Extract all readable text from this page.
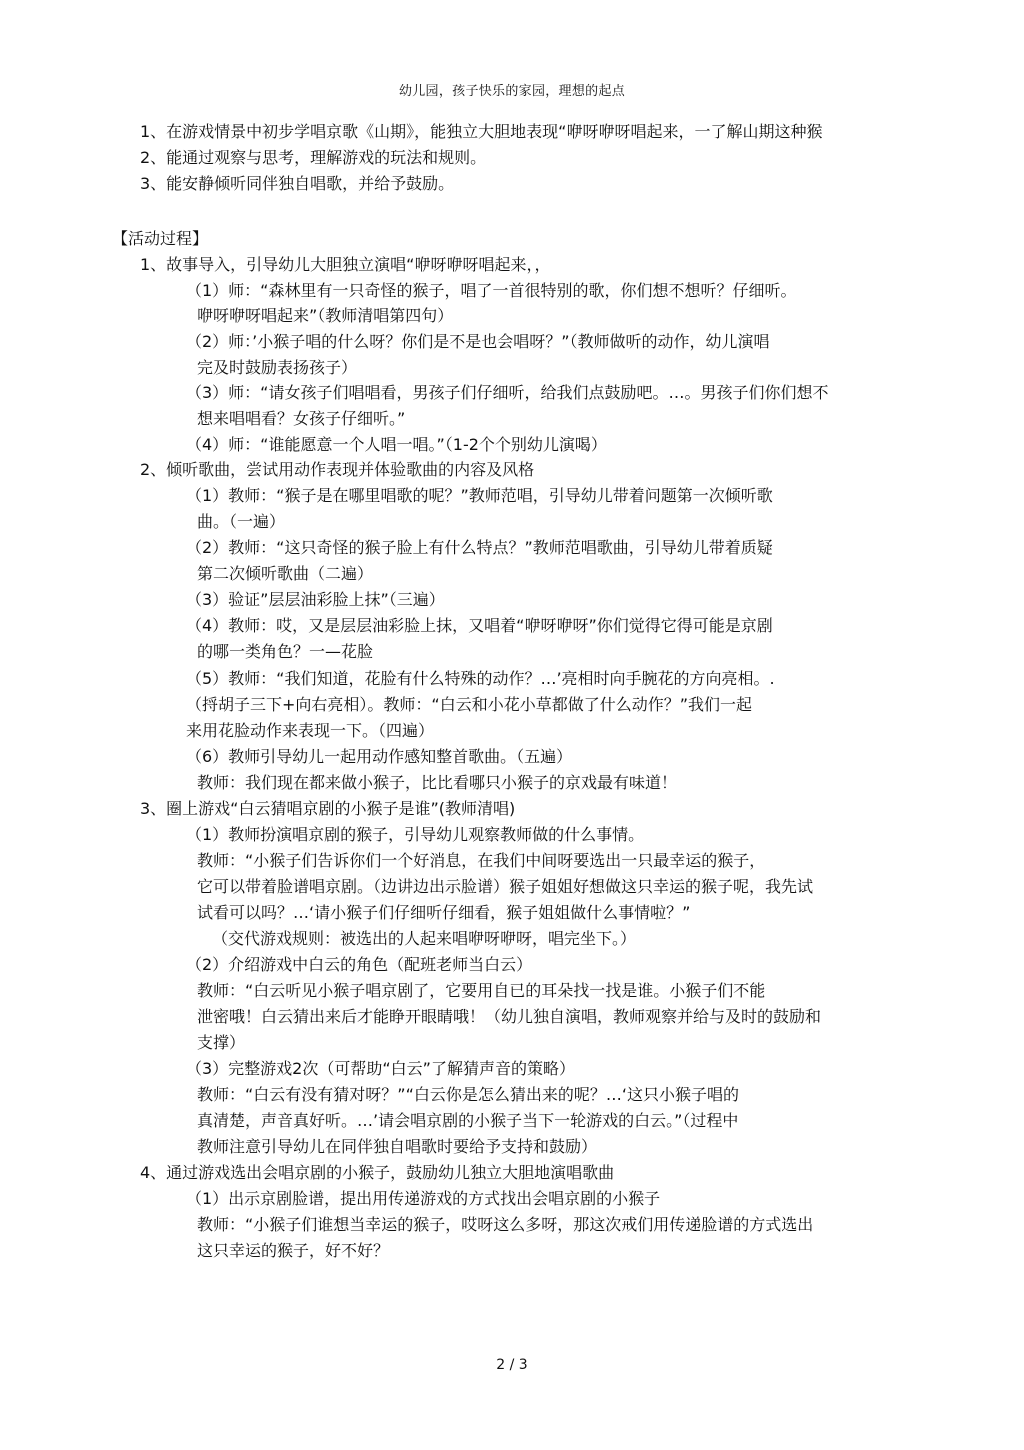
幼儿园，孩子快乐的家园，理想的起点
1、在游戏情景中初步学唱京歌《山期》，能独立大胆地表现“咿呀咿呀唱起来，一了解山期这种猴
2、能通过观察与思考，理解游戏的玩法和规则。
3、能安静倾听同伴独自唱歌，并给予鼓励。
【活动过程】
1、故事导入，引导幼儿大胆独立演唱“咿呀咿呀唱起来，，
（1）师：“森林里有一只奇怪的猴子，唱了一首很特别的歌，你们想不想听？仔细听。
咿呀咿呀唱起来”（教师清唱第四句）
（2）师：’小猴子唱的什么呀？你们是不是也会唱呀？”（教师做听的动作，幼儿演唱
完及时鼓励表扬孩子）
（3）师：“请女孩子们唱唱看，男孩子们仔细听，给我们点鼓励吧。…。男孩子们你们想不
想来唱唱看？女孩子仔细听。”
（4）师：“谁能愿意一个人唱一唱。”（1-2个个别幼儿演喝）
2、倾听歌曲，尝试用动作表现并体验歌曲的内容及风格
（1）教师：“猴子是在哪里唱歌的呢？”教师范唱，引导幼儿带着问题第一次倾听歌
曲。（一遍）
（2）教师：“这只奇怪的猴子脸上有什么特点？”教师范唱歌曲，引导幼儿带着质疑
第二次倾听歌曲（二遍）
（3）验证”层层油彩脸上抹”（三遍）
（4）教师：哎，又是层层油彩脸上抹，又唱着“咿呀咿呀”你们觉得它得可能是京剧
的哪一类角色？一—花脸
（5）教师：“我们知道，花脸有什么特殊的动作？…’亮相时向手腕花的方向亮相。.
（捋胡子三下+向右亮相）。教师：“白云和小花小草都做了什么动作？”我们一起
来用花脸动作来表现一下。（四遍）
（6）教师引导幼儿一起用动作感知整首歌曲。（五遍）
教师：我们现在都来做小猴子，比比看哪只小猴子的京戏最有味道！
3、圈上游戏“白云猜唱京剧的小猴子是谁”(教师清唱)
（1）教师扮演唱京剧的猴子，引导幼儿观察教师做的什么事情。
教师：“小猴子们告诉你们一个好消息，在我们中间呀要选出一只最幸运的猴子，
它可以带着脸谱唱京剧。（边讲边出示脸谱）猴子姐姐好想做这只幸运的猴子呢，我先试
试看可以吗？…‘请小猴子们仔细听仔细看，猴子姐姐做什么事情啦？”
（交代游戏规则：被选出的人起来唱咿呀咿呀，唱完坐下。）
（2）介绍游戏中白云的角色（配班老师当白云）
教师：“白云听见小猴子唱京剧了，它要用自已的耳朵找一找是谁。小猴子们不能
泄密哦！白云猜出来后才能睁开眼睛哦！（幼儿独自演唱，教师观察并给与及时的鼓励和
支撑）
（3）完整游戏2次（可帮助“白云”了解猜声音的策略）
教师：“白云有没有猜对呀？”“白云你是怎么猜出来的呢？…‘这只小猴子唱的
真清楚，声音真好听。…’请会唱京剧的小猴子当下一轮游戏的白云。”（过程中
教师注意引导幼儿在同伴独自唱歌时要给予支持和鼓励）
4、通过游戏选出会唱京剧的小猴子，鼓励幼儿独立大胆地演唱歌曲
（1）出示京剧脸谱，提出用传递游戏的方式找出会唱京剧的小猴子
教师：“小猴子们谁想当幸运的猴子，哎呀这么多呀，那这次戒们用传递脸谱的方式选出
这只幸运的猴子，好不好？
2 / 3
